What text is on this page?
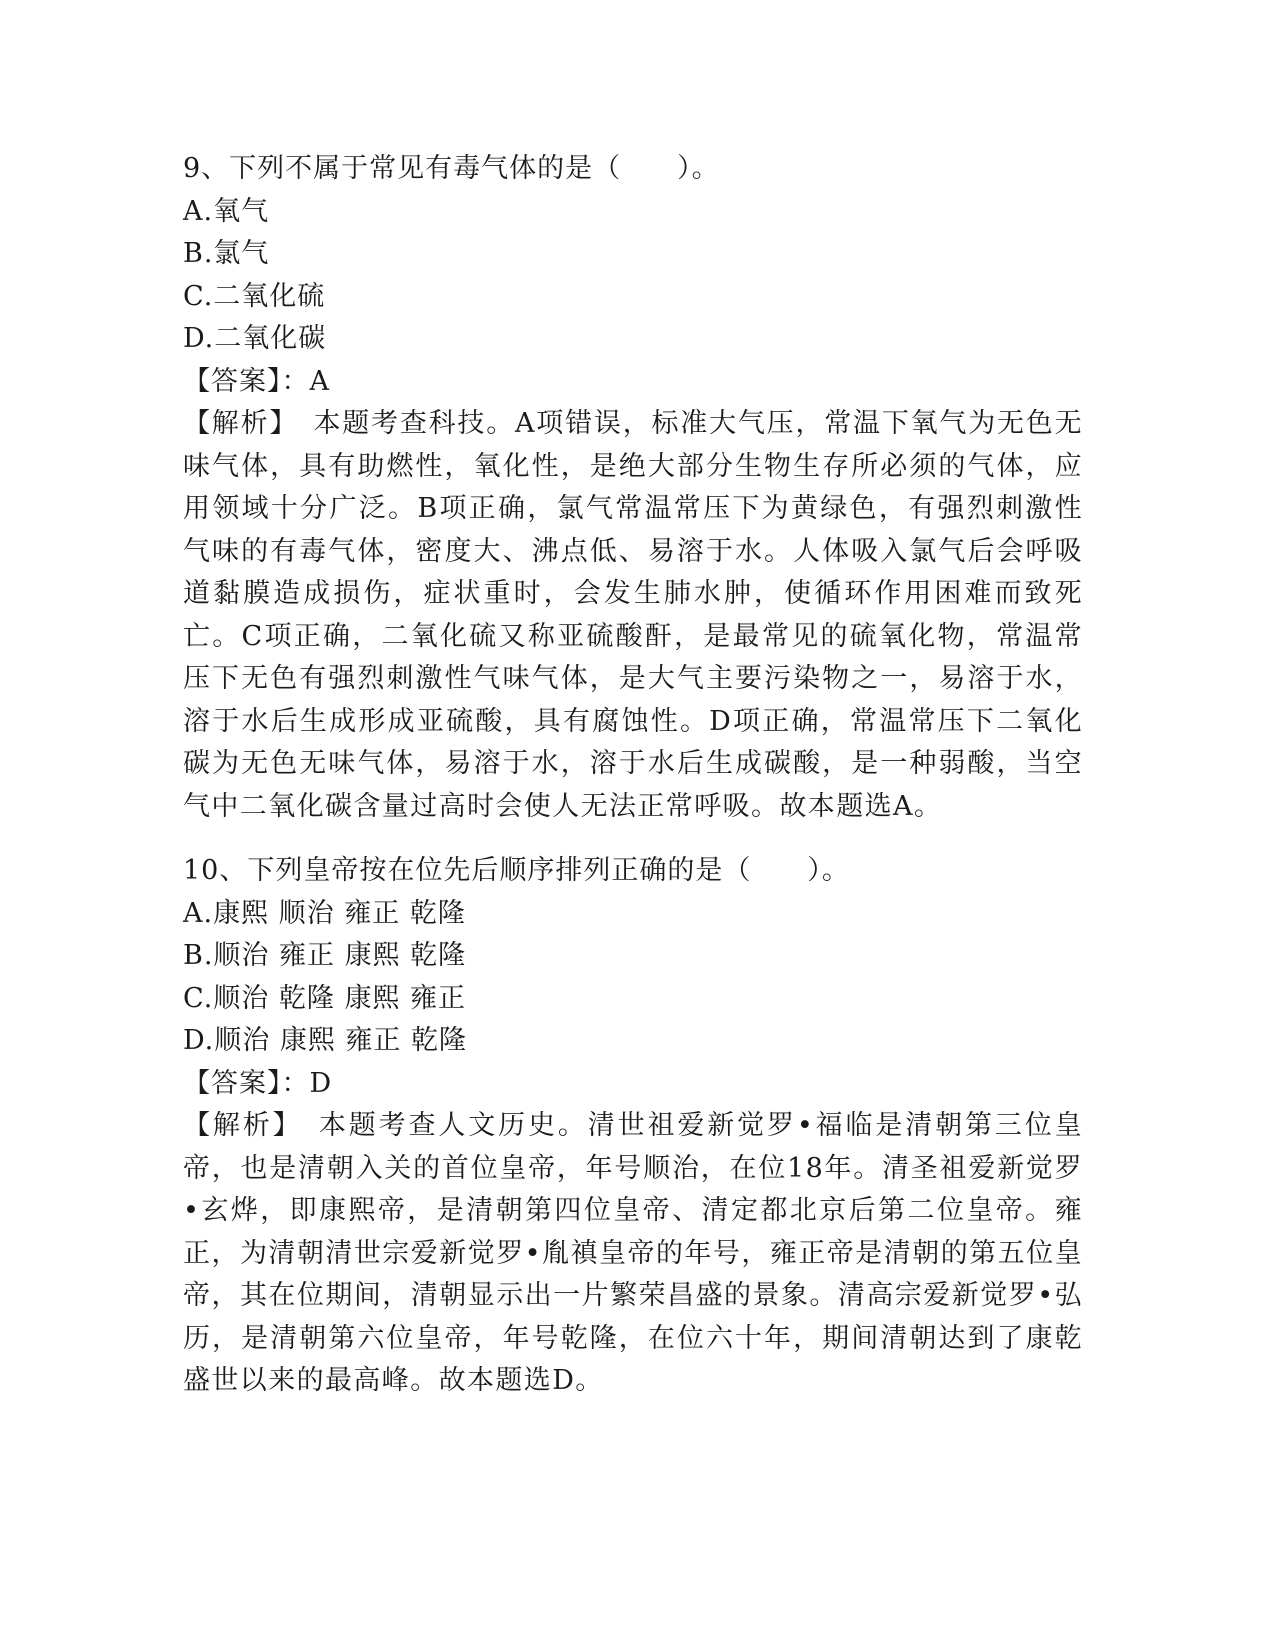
9、下列不属于常见有毒气体的是（　　）。
A.氧气
B.氯气
C.二氧化硫
D.二氧化碳
【答案】：A
【解析】　本题考查科技。A项错误，标准大气压，常温下氧气为无色无味气体，具有助燃性，氧化性，是绝大部分生物生存所必须的气体，应用领域十分广泛。B项正确，氯气常温常压下为黄绿色，有强烈刺激性气味的有毒气体，密度大、沸点低、易溶于水。人体吸入氯气后会呼吸道黏膜造成损伤，症状重时，会发生肺水肿，使循环作用困难而致死亡。C项正确，二氧化硫又称亚硫酸酐，是最常见的硫氧化物，常温常压下无色有强烈刺激性气味气体，是大气主要污染物之一，易溶于水，溶于水后生成形成亚硫酸，具有腐蚀性。D项正确，常温常压下二氧化碳为无色无味气体，易溶于水，溶于水后生成碳酸，是一种弱酸，当空气中二氧化碳含量过高时会使人无法正常呼吸。故本题选A。
10、下列皇帝按在位先后顺序排列正确的是（　　）。
A.康熙 顺治 雍正 乾隆
B.顺治 雍正 康熙 乾隆
C.顺治 乾隆 康熙 雍正
D.顺治 康熙 雍正 乾隆
【答案】：D
【解析】　本题考查人文历史。清世祖爱新觉罗•福临是清朝第三位皇帝，也是清朝入关的首位皇帝，年号顺治，在位18年。清圣祖爱新觉罗•玄烨，即康熙帝，是清朝第四位皇帝、清定都北京后第二位皇帝。雍正，为清朝清世宗爱新觉罗•胤禛皇帝的年号，雍正帝是清朝的第五位皇帝，其在位期间，清朝显示出一片繁荣昌盛的景象。清高宗爱新觉罗•弘历，是清朝第六位皇帝，年号乾隆，在位六十年，期间清朝达到了康乾盛世以来的最高峰。故本题选D。
